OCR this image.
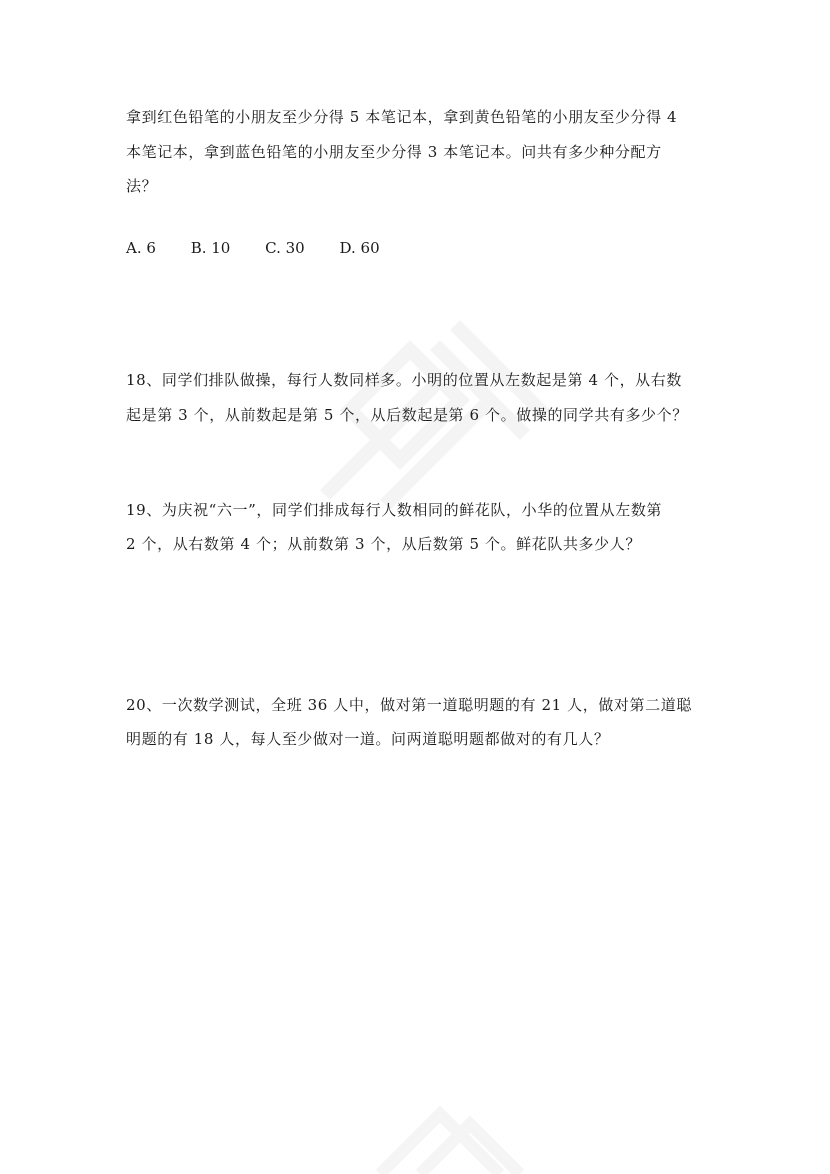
拿到红色铅笔的小朋友至少分得 5 本笔记本，拿到黄色铅笔的小朋友至少分得 4
本笔记本，拿到蓝色铅笔的小朋友至少分得 3 本笔记本。问共有多少种分配方
法？
A. 6 B. 10 C. 30 D. 60
18、同学们排队做操，每行人数同样多。小明的位置从左数起是第 4 个，从右数
起是第 3 个，从前数起是第 5 个，从后数起是第 6 个。做操的同学共有多少个？
19、为庆祝“六一”，同学们排成每行人数相同的鲜花队，小华的位置从左数第
2 个，从右数第 4 个；从前数第 3 个，从后数第 5 个。鲜花队共多少人？
20、一次数学测试，全班 36 人中，做对第一道聪明题的有 21 人，做对第二道聪
明题的有 18 人，每人至少做对一道。问两道聪明题都做对的有几人？
